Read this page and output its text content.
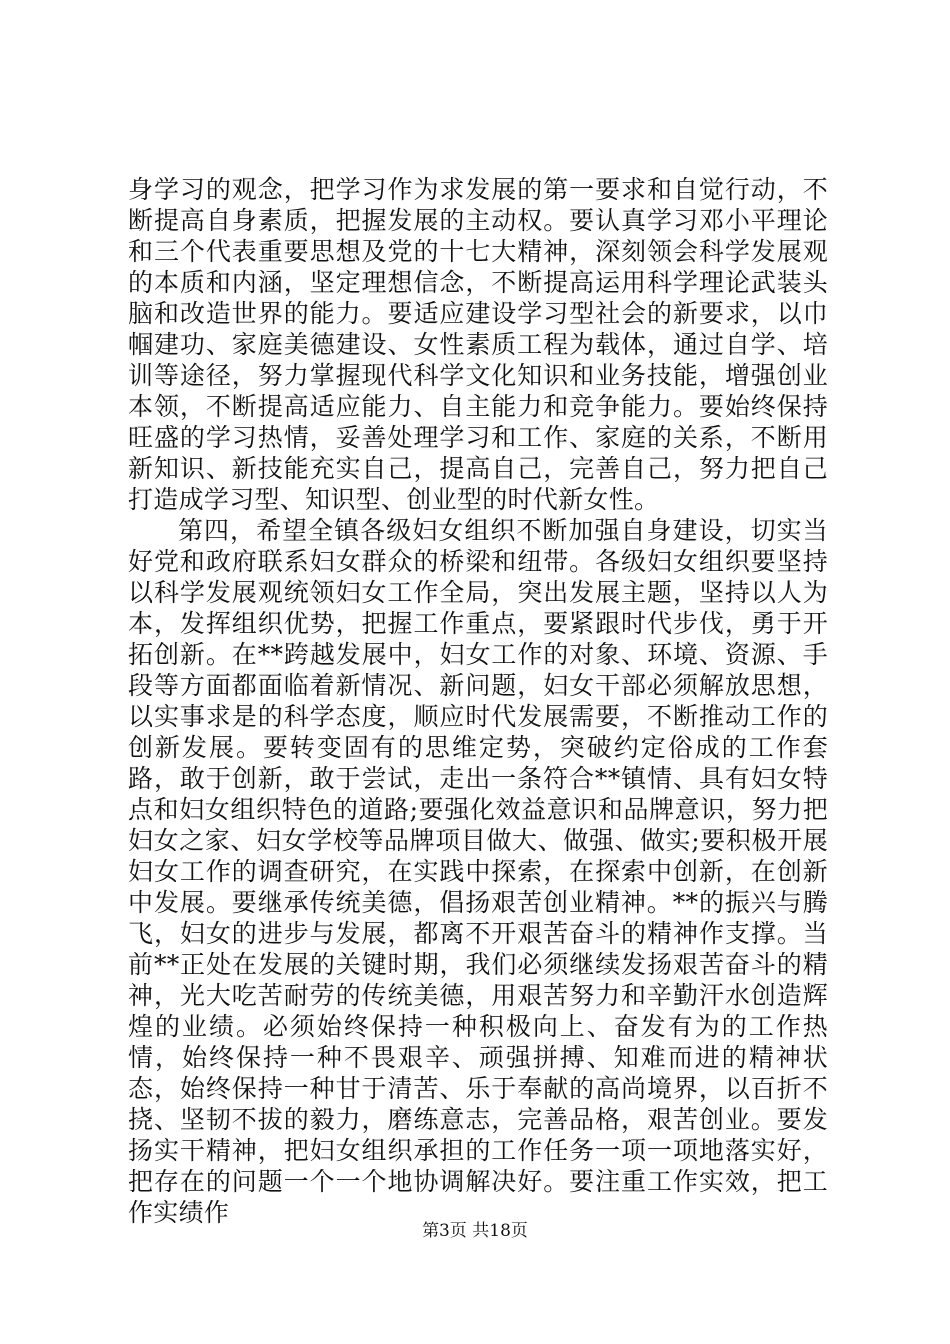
身学习的观念，把学习作为求发展的第一要求和自觉行动，不断提高自身素质，把握发展的主动权。要认真学习邓小平理论和三个代表重要思想及党的十七大精神，深刻领会科学发展观的本质和内涵，坚定理想信念，不断提高运用科学理论武装头脑和改造世界的能力。要适应建设学习型社会的新要求，以巾帼建功、家庭美德建设、女性素质工程为载体，通过自学、培训等途径，努力掌握现代科学文化知识和业务技能，增强创业本领，不断提高适应能力、自主能力和竞争能力。要始终保持旺盛的学习热情，妥善处理学习和工作、家庭的关系，不断用新知识、新技能充实自己，提高自己，完善自己，努力把自己打造成学习型、知识型、创业型的时代新女性。

第四，希望全镇各级妇女组织不断加强自身建设，切实当好党和政府联系妇女群众的桥梁和纽带。各级妇女组织要坚持以科学发展观统领妇女工作全局，突出发展主题，坚持以人为本，发挥组织优势，把握工作重点，要紧跟时代步伐，勇于开拓创新。在**跨越发展中，妇女工作的对象、环境、资源、手段等方面都面临着新情况、新问题，妇女干部必须解放思想，以实事求是的科学态度，顺应时代发展需要，不断推动工作的创新发展。要转变固有的思维定势，突破约定俗成的工作套路，敢于创新，敢于尝试，走出一条符合**镇情、具有妇女特点和妇女组织特色的道路;要强化效益意识和品牌意识，努力把妇女之家、妇女学校等品牌项目做大、做强、做实;要积极开展妇女工作的调查研究，在实践中探索，在探索中创新，在创新中发展。要继承传统美德，倡扬艰苦创业精神。**的振兴与腾飞，妇女的进步与发展，都离不开艰苦奋斗的精神作支撑。当前**正处在发展的关键时期，我们必须继续发扬艰苦奋斗的精神，光大吃苦耐劳的传统美德，用艰苦努力和辛勤汗水创造辉煌的业绩。必须始终保持一种积极向上、奋发有为的工作热情，始终保持一种不畏艰辛、顽强拼搏、知难而进的精神状态，始终保持一种甘于清苦、乐于奉献的高尚境界，以百折不挠、坚韧不拔的毅力，磨练意志，完善品格，艰苦创业。要发扬实干精神，把妇女组织承担的工作任务一项一项地落实好，把存在的问题一个一个地协调解决好。要注重工作实效，把工作实绩作

第3页 共18页
